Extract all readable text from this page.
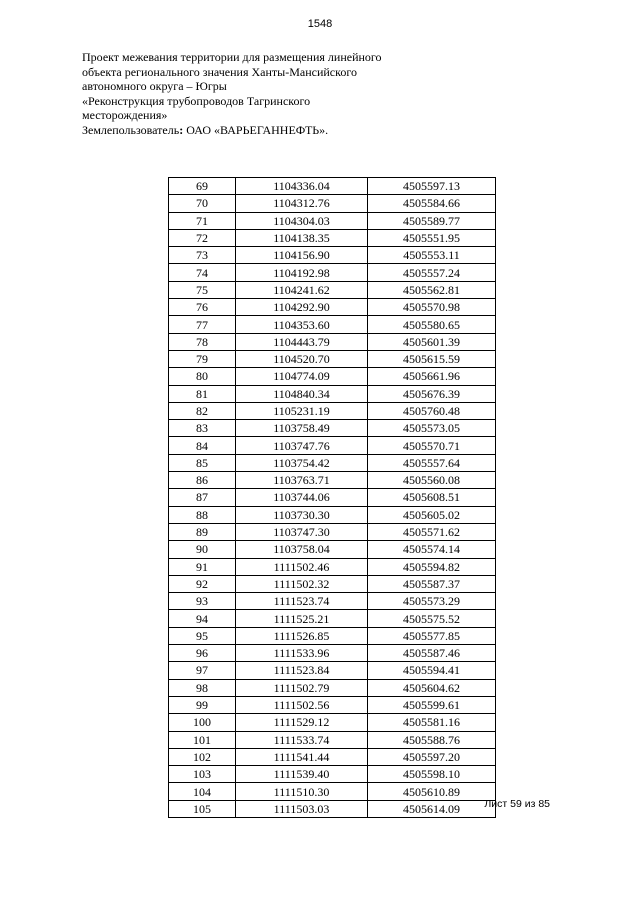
1548
Проект межевания территории для размещения линейного
объекта регионального значения Ханты-Мансийского
автономного округа – Югры
«Реконструкция трубопроводов Тагринского
месторождения»
Землепользователь: ОАО «ВАРЬЕГАННЕФТЬ».
69	1104336.04	4505597.13
70	1104312.76	4505584.66
71	1104304.03	4505589.77
72	1104138.35	4505551.95
73	1104156.90	4505553.11
74	1104192.98	4505557.24
75	1104241.62	4505562.81
76	1104292.90	4505570.98
77	1104353.60	4505580.65
78	1104443.79	4505601.39
79	1104520.70	4505615.59
80	1104774.09	4505661.96
81	1104840.34	4505676.39
82	1105231.19	4505760.48
83	1103758.49	4505573.05
84	1103747.76	4505570.71
85	1103754.42	4505557.64
86	1103763.71	4505560.08
87	1103744.06	4505608.51
88	1103730.30	4505605.02
89	1103747.30	4505571.62
90	1103758.04	4505574.14
91	1111502.46	4505594.82
92	1111502.32	4505587.37
93	1111523.74	4505573.29
94	1111525.21	4505575.52
95	1111526.85	4505577.85
96	1111533.96	4505587.46
97	1111523.84	4505594.41
98	1111502.79	4505604.62
99	1111502.56	4505599.61
100	1111529.12	4505581.16
101	1111533.74	4505588.76
102	1111541.44	4505597.20
103	1111539.40	4505598.10
104	1111510.30	4505610.89
105	1111503.03	4505614.09	Лист 59 из 85
